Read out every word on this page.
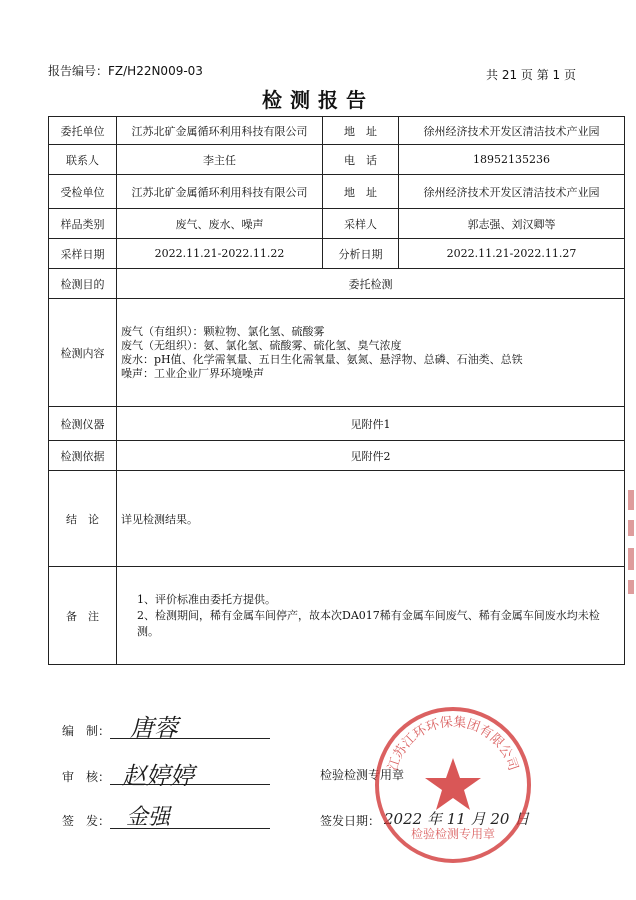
报告编号：FZ/H22N009-03	共 21 页 第 1 页
检测报告
委托单位	江苏北矿金属循环利用科技有限公司	地　址	徐州经济技术开发区清洁技术产业园
联系人	李主任	电　话	18952135236
受检单位	江苏北矿金属循环利用科技有限公司	地　址	徐州经济技术开发区清洁技术产业园
样品类别	废气、废水、噪声	采样人	郭志强、刘汉卿等
采样日期	2022.11.21-2022.11.22	分析日期	2022.11.21-2022.11.27
检测目的	委托检测		
检测内容	废气（有组织）：颗粒物、氯化氢、硫酸雾
废气（无组织）：氨、氯化氢、硫酸雾、硫化氢、臭气浓度
废水：pH值、化学需氧量、五日生化需氧量、氨氮、悬浮物、总磷、石油类、总铁
噪声：工业企业厂界环境噪声		

检测仪器	见附件1		
检测依据	见附件2		
结　论	详见检测结果。		
备　注	1、评价标准由委托方提供。
2、检测期间，稀有金属车间停产，故本次DA017稀有金属车间废气、稀有金属车间废水均未检测。		
编　制： 唐蓉
审　核： 赵婷婷
签　发： 金强
检验检测专用章
签发日期： 2022 年 11 月 20 日
江苏江环环保集团有限公司
检验检测专用章
